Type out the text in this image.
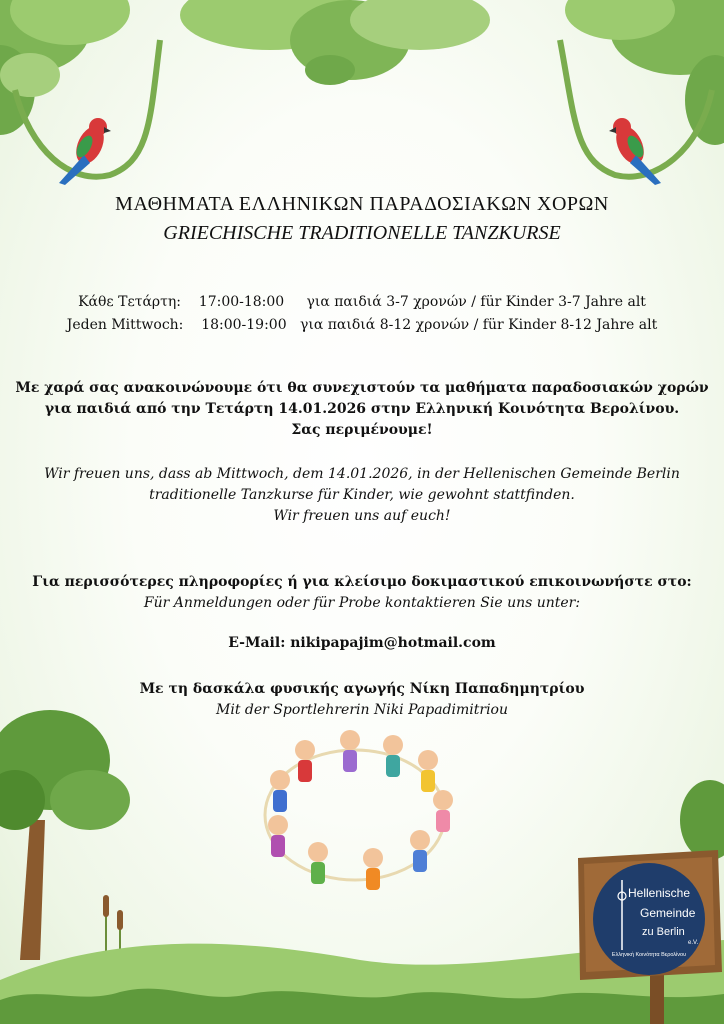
Hellenische
Gemeinde
zu Berlin
e.V.
Ελληνική Κοινότητα Βερολίνου
ΜΑΘΗΜΑΤΑ ΕΛΛΗΝΙΚΩΝ ΠΑΡΑΔΟΣΙΑΚΩΝ ΧΟΡΩΝ
GRIECHISCHE TRADITIONELLE TANZKURSE
Κάθε Τετάρτη:    17:00-18:00     για παιδιά 3-7 χρονών / für Kinder 3-7 Jahre alt
Jeden Mittwoch:    18:00-19:00   για παιδιά 8-12 χρονών / für Kinder 8-12 Jahre alt
Με χαρά σας ανακοινώνουμε ότι θα συνεχιστούν τα μαθήματα παραδοσιακών χορών
για παιδιά από την Τετάρτη 14.01.2026 στην Ελληνική Κοινότητα Βερολίνου.
Σας περιμένουμε!
Wir freuen uns, dass ab Mittwoch, dem 14.01.2026, in der Hellenischen Gemeinde Berlin
traditionelle Tanzkurse für Kinder, wie gewohnt stattfinden.
Wir freuen uns auf euch!
Για περισσότερες πληροφορίες ή για κλείσιμο δοκιμαστικού επικοινωνήστε στο:
Für Anmeldungen oder für Probe kontaktieren Sie uns unter:
E-Mail: nikipapajim@hotmail.com
Με τη δασκάλα φυσικής αγωγής Νίκη Παπαδημητρίου
Mit der Sportlehrerin Niki Papadimitriou
